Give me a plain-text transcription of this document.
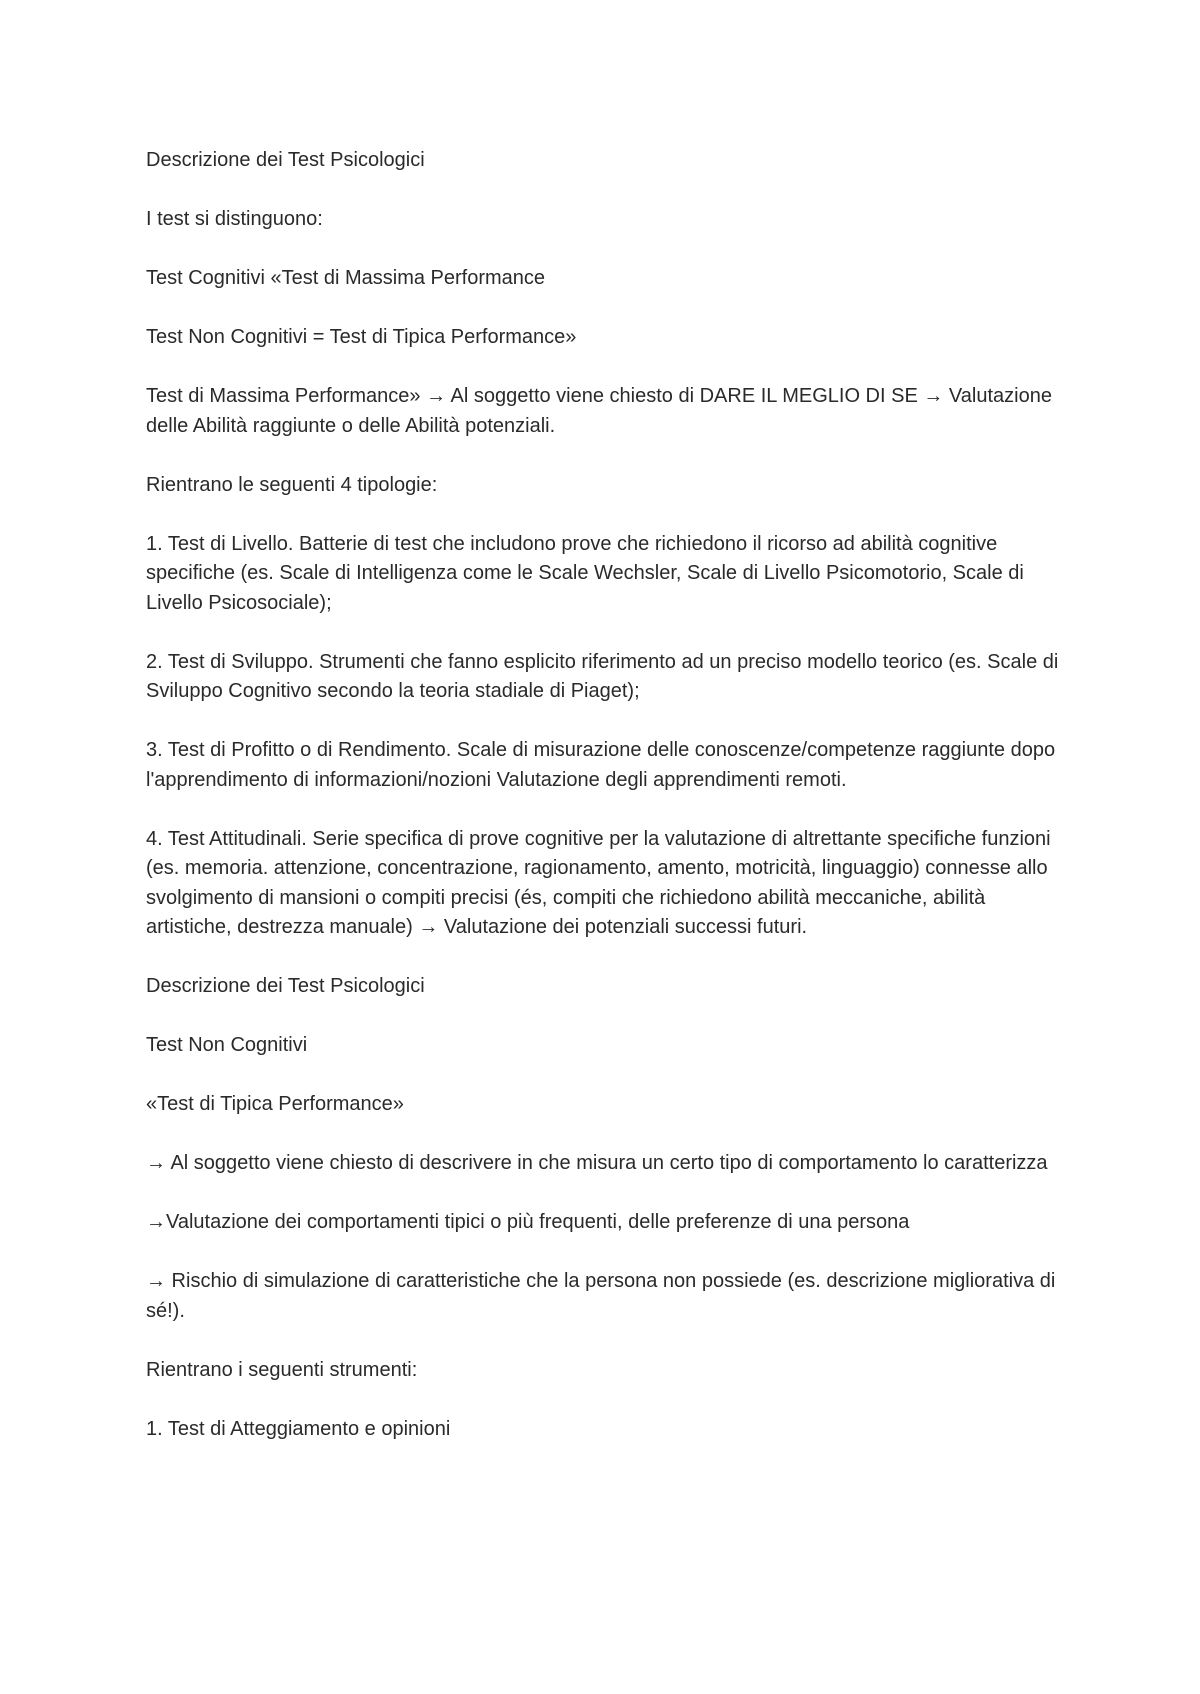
Descrizione dei Test Psicologici

I test si distinguono:

Test Cognitivi «Test di Massima Performance

Test Non Cognitivi = Test di Tipica Performance»

Test di Massima Performance» → Al soggetto viene chiesto di DARE IL MEGLIO DI SE → Valutazione delle Abilità raggiunte o delle Abilità potenziali.

Rientrano le seguenti 4 tipologie:

1. Test di Livello. Batterie di test che includono prove che richiedono il ricorso ad abilità cognitive specifiche (es. Scale di Intelligenza come le Scale Wechsler, Scale di Livello Psicomotorio, Scale di Livello Psicosociale);

2. Test di Sviluppo. Strumenti che fanno esplicito riferimento ad un preciso modello teorico (es. Scale di Sviluppo Cognitivo secondo la teoria stadiale di Piaget);

3. Test di Profitto o di Rendimento. Scale di misurazione delle conoscenze/competenze raggiunte dopo l'apprendimento di informazioni/nozioni Valutazione degli apprendimenti remoti.

4. Test Attitudinali. Serie specifica di prove cognitive per la valutazione di altrettante specifiche funzioni (es. memoria. attenzione, concentrazione, ragionamento, amento, motricità, linguaggio) connesse allo svolgimento di mansioni o compiti precisi (és, compiti che richiedono abilità meccaniche, abilità artistiche, destrezza manuale) → Valutazione dei potenziali successi futuri.

Descrizione dei Test Psicologici

Test Non Cognitivi

«Test di Tipica Performance»

→ Al soggetto viene chiesto di descrivere in che misura un certo tipo di comportamento lo caratterizza

→Valutazione dei comportamenti tipici o più frequenti, delle preferenze di una persona

→ Rischio di simulazione di caratteristiche che la persona non possiede (es. descrizione migliorativa di sé!).

Rientrano i seguenti strumenti:

1. Test di Atteggiamento e opinioni
